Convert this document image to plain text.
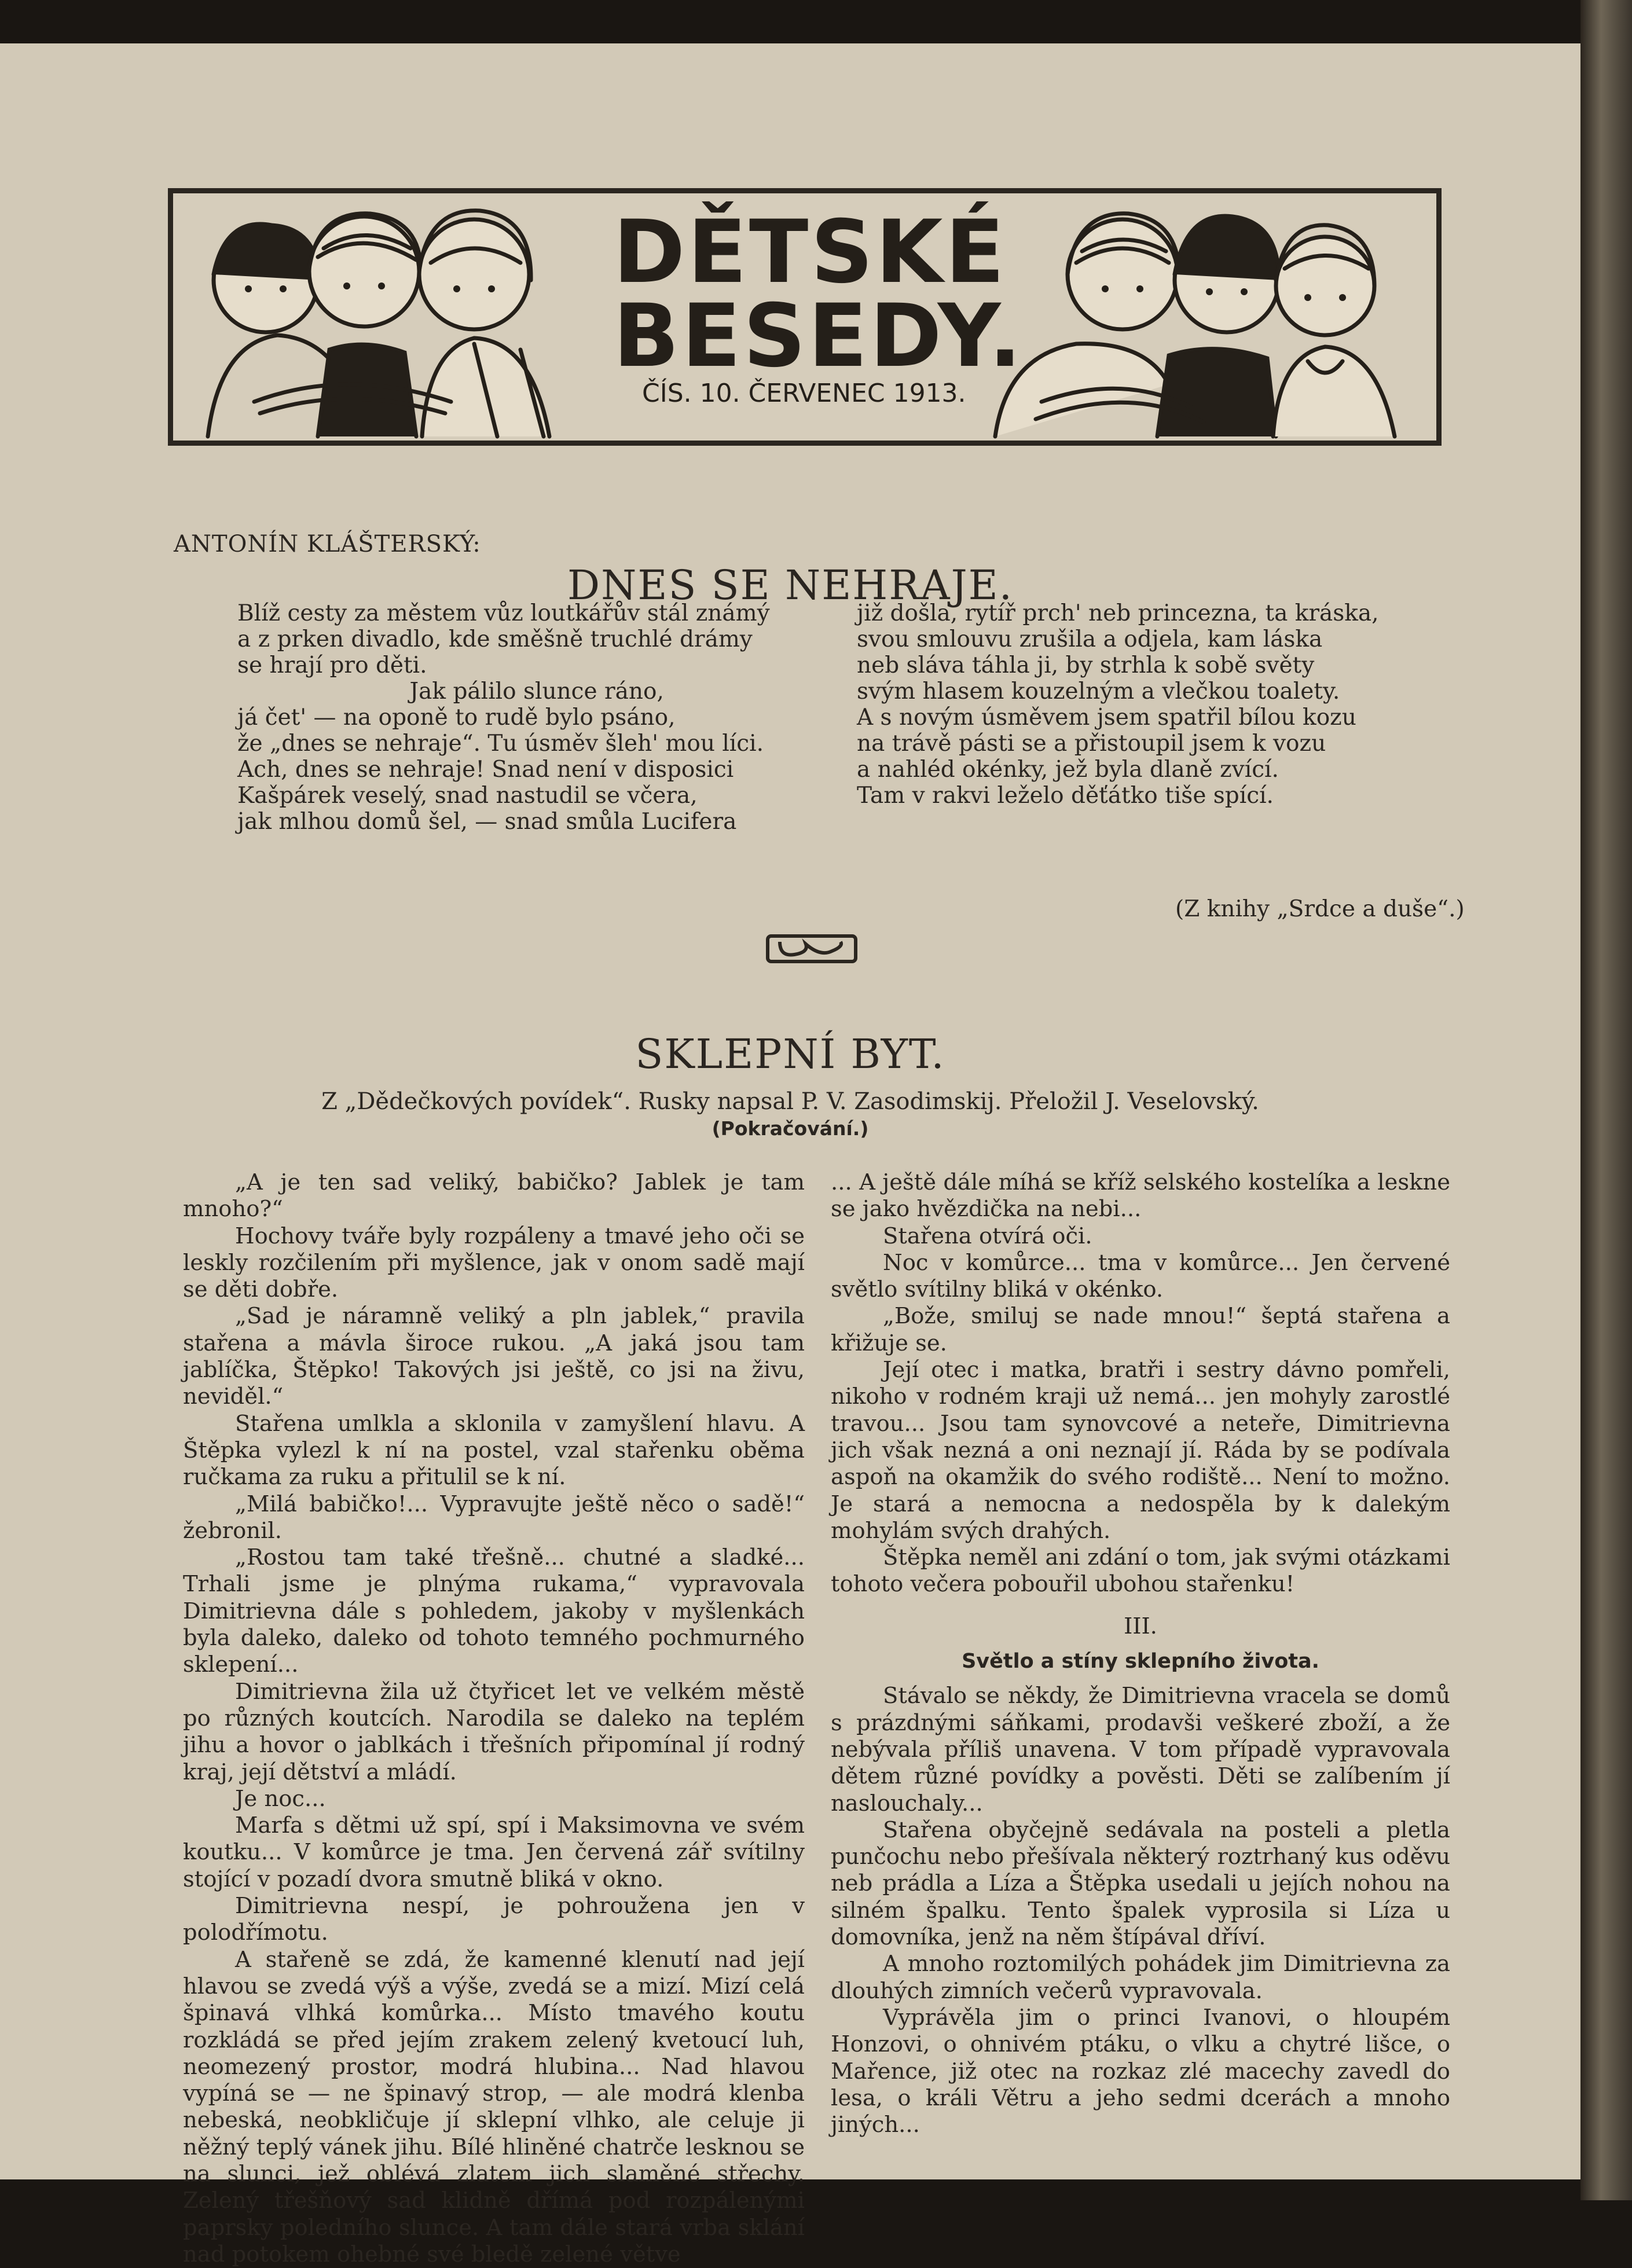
DĚTSKÉ
BESEDY.
ČÍS. 10. ČERVENEC 1913.
ANTONÍN KLÁŠTERSKÝ:
DNES SE NEHRAJE.
Blíž cesty za městem vůz loutkářův stál známý
a z prken divadlo, kde směšně truchlé drámy
se hrají pro děti.
Jak pálilo slunce ráno,
já čet' — na oponě to rudě bylo psáno,
že „dnes se nehraje“. Tu úsměv šleh' mou líci.
Ach, dnes se nehraje! Snad není v disposici
Kašpárek veselý, snad nastudil se včera,
jak mlhou domů šel, — snad smůla Lucifera
již došla, rytíř prch' neb princezna, ta kráska,
svou smlouvu zrušila a odjela, kam láska
neb sláva táhla ji, by strhla k sobě světy
svým hlasem kouzelným a vlečkou toalety.
A s novým úsměvem jsem spatřil bílou kozu
na trávě pásti se a přistoupil jsem k vozu
a nahléd okénky, jež byla dlaně zvící.
Tam v rakvi leželo děťátko tiše spící.
(Z knihy „Srdce a duše“.)
SKLEPNÍ BYT.
Z „Dědečkových povídek“. Rusky napsal P. V. Zasodimskij. Přeložil J. Veselovský.
(Pokračování.)

„A je ten sad veliký, babičko? Jablek je tam mnoho?“

Hochovy tváře byly rozpáleny a tmavé jeho oči se leskly rozčilením při myšlence, jak v onom sadě mají se děti dobře.

„Sad je náramně veliký a pln jablek,“ pravila stařena a mávla široce rukou. „A jaká jsou tam jablíčka, Štěpko! Takových jsi ještě, co jsi na živu, neviděl.“

Stařena umlkla a sklonila v zamyšlení hlavu. A Štěpka vylezl k ní na postel, vzal stařenku oběma ručkama za ruku a přitulil se k ní.

„Milá babičko!... Vypravujte ještě něco o sadě!“ žebronil.

„Rostou tam také třešně... chutné a sladké... Trhali jsme je plnýma rukama,“ vypravovala Dimitrievna dále s pohledem, jakoby v myšlenkách byla daleko, daleko od tohoto temného pochmurného sklepení...

Dimitrievna žila už čtyřicet let ve velkém městě po různých koutcích. Narodila se daleko na teplém jihu a hovor o jablkách i třešních připomínal jí rodný kraj, její dětství a mládí.

Je noc...

Marfa s dětmi už spí, spí i Maksimovna ve svém koutku... V komůrce je tma. Jen červená zář svítilny stojící v pozadí dvora smutně bliká v okno.

Dimitrievna nespí, je pohroužena jen v polodřímotu.

A stařeně se zdá, že kamenné klenutí nad její hlavou se zvedá výš a výše, zvedá se a mizí. Mizí celá špinavá vlhká komůrka... Místo tmavého koutu rozkládá se před jejím zrakem zelený kvetoucí luh, neomezený prostor, modrá hlubina... Nad hlavou vypíná se — ne špinavý strop, — ale modrá klenba nebeská, neobkličuje jí sklepní vlhko, ale celuje ji něžný teplý vánek jihu. Bílé hliněné chatrče lesknou se na slunci, jež oblévá zlatem jich slaměné střechy. Zelený třešňový sad klidně dřímá pod rozpálenými paprsky poledního slunce. A tam dále stará vrba sklání nad potokem ohebné své bledě zelené větve

... A ještě dále míhá se kříž selského kostelíka a leskne se jako hvězdička na nebi...

Stařena otvírá oči.

Noc v komůrce... tma v komůrce... Jen červené světlo svítilny bliká v okénko.

„Bože, smiluj se nade mnou!“ šeptá stařena a křižuje se.

Její otec i matka, bratři i sestry dávno pomřeli, nikoho v rodném kraji už nemá... jen mohyly zarostlé travou... Jsou tam synovcové a neteře, Dimitrievna jich však nezná a oni neznají jí. Ráda by se podívala aspoň na okamžik do svého rodiště... Není to možno. Je stará a nemocna a nedospěla by k dalekým mohylám svých drahých.

Štěpka neměl ani zdání o tom, jak svými otázkami tohoto večera pobouřil ubohou stařenku!

III.

Světlo a stíny sklepního života.

Stávalo se někdy, že Dimitrievna vracela se domů s prázdnými sáňkami, prodavši veškeré zboží, a že nebývala příliš unavena. V tom případě vypravovala dětem různé povídky a pověsti. Děti se zalíbením jí naslouchaly...

Stařena obyčejně sedávala na posteli a pletla punčochu nebo přešívala některý roztrhaný kus oděvu neb prádla a Líza a Štěpka usedali u jejích nohou na silném špalku. Tento špalek vyprosila si Líza u domovníka, jenž na něm štípával dříví.

A mnoho roztomilých pohádek jim Dimitrievna za dlouhých zimních večerů vypravovala.

Vyprávěla jim o princi Ivanovi, o hloupém Honzovi, o ohnivém ptáku, o vlku a chytré lišce, o Mařence, již otec na rozkaz zlé macechy zavedl do lesa, o králi Větru a jeho sedmi dcerách a mnoho jiných...
